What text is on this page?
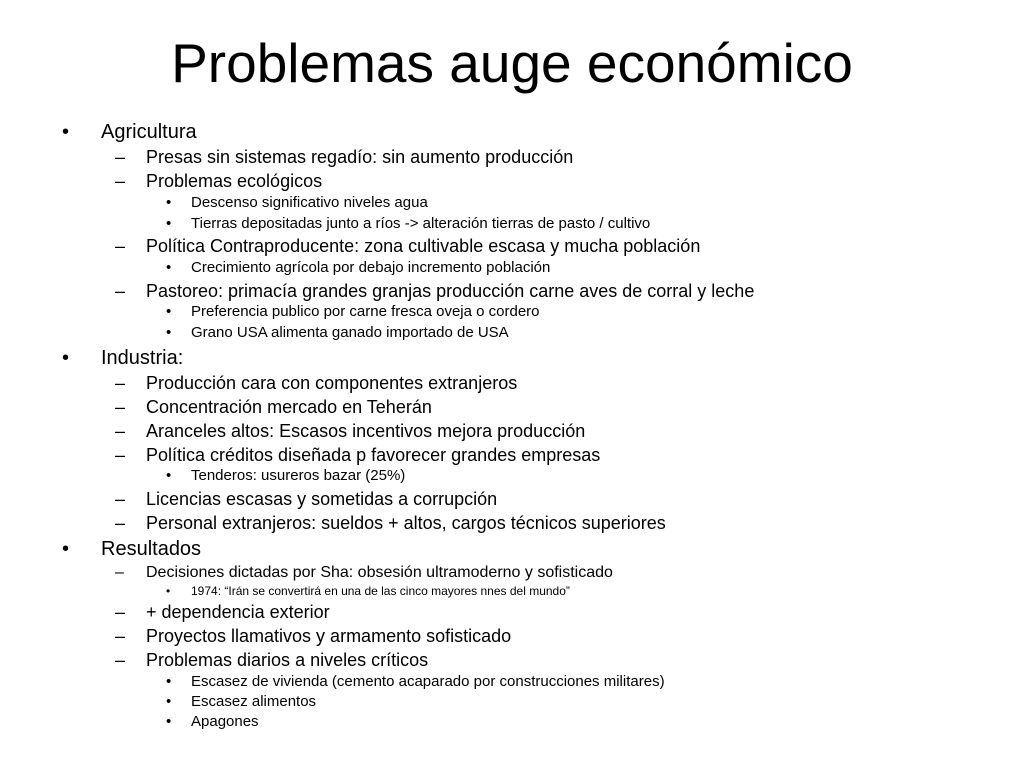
Problemas auge económico
• Agricultura
– Presas sin sistemas regadío: sin aumento producción
– Problemas ecológicos
• Descenso significativo niveles agua
• Tierras depositadas junto a ríos -> alteración tierras de pasto / cultivo
– Política Contraproducente: zona cultivable escasa y mucha población
• Crecimiento agrícola por debajo incremento población
– Pastoreo: primacía grandes granjas producción carne aves de corral y leche
• Preferencia publico por carne fresca oveja o cordero
• Grano USA alimenta ganado importado de USA
• Industria:
– Producción cara con componentes extranjeros
– Concentración mercado en Teherán
– Aranceles altos: Escasos incentivos mejora producción
– Política créditos diseñada p favorecer grandes empresas
• Tenderos: usureros bazar (25%)
– Licencias escasas y sometidas a corrupción
– Personal extranjeros: sueldos + altos, cargos técnicos superiores
• Resultados
– Decisiones dictadas por Sha: obsesión ultramoderno y sofisticado
• 1974: “Irán se convertirá en una de las cinco mayores nnes del mundo”
– + dependencia exterior
– Proyectos llamativos y armamento sofisticado
– Problemas diarios a niveles críticos
• Escasez de vivienda (cemento acaparado por construcciones militares)
• Escasez alimentos
• Apagones
